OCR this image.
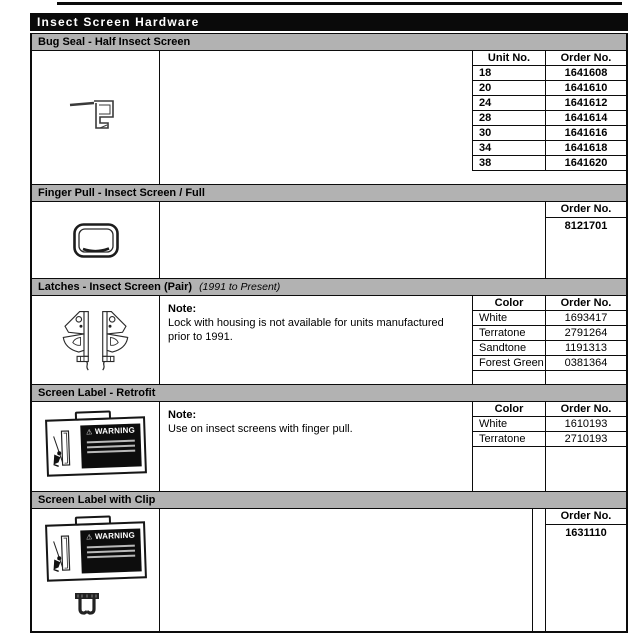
Insect Screen Hardware
Bug Seal - Half Insect Screen
Unit No.	Order No.
18	1641608
20	1641610
24	1641612
28	1641614
30	1641616
34	1641618
38	1641620
Finger Pull - Insect Screen / Full
Order No.
8121701
Latches - Insect Screen (Pair) (1991 to Present)
Note:
Lock with housing is not available for units manufactured prior to 1991.
Color	Order No.
White	1693417
Terratone	2791264
Sandtone	1191313
Forest Green	0381364
Screen Label - Retrofit
⚠ WARNING
Note:
Use on insect screens with finger pull.
Color	Order No.
White	1610193
Terratone	2710193
Screen Label with Clip
⚠ WARNING
Order No.
1631110
